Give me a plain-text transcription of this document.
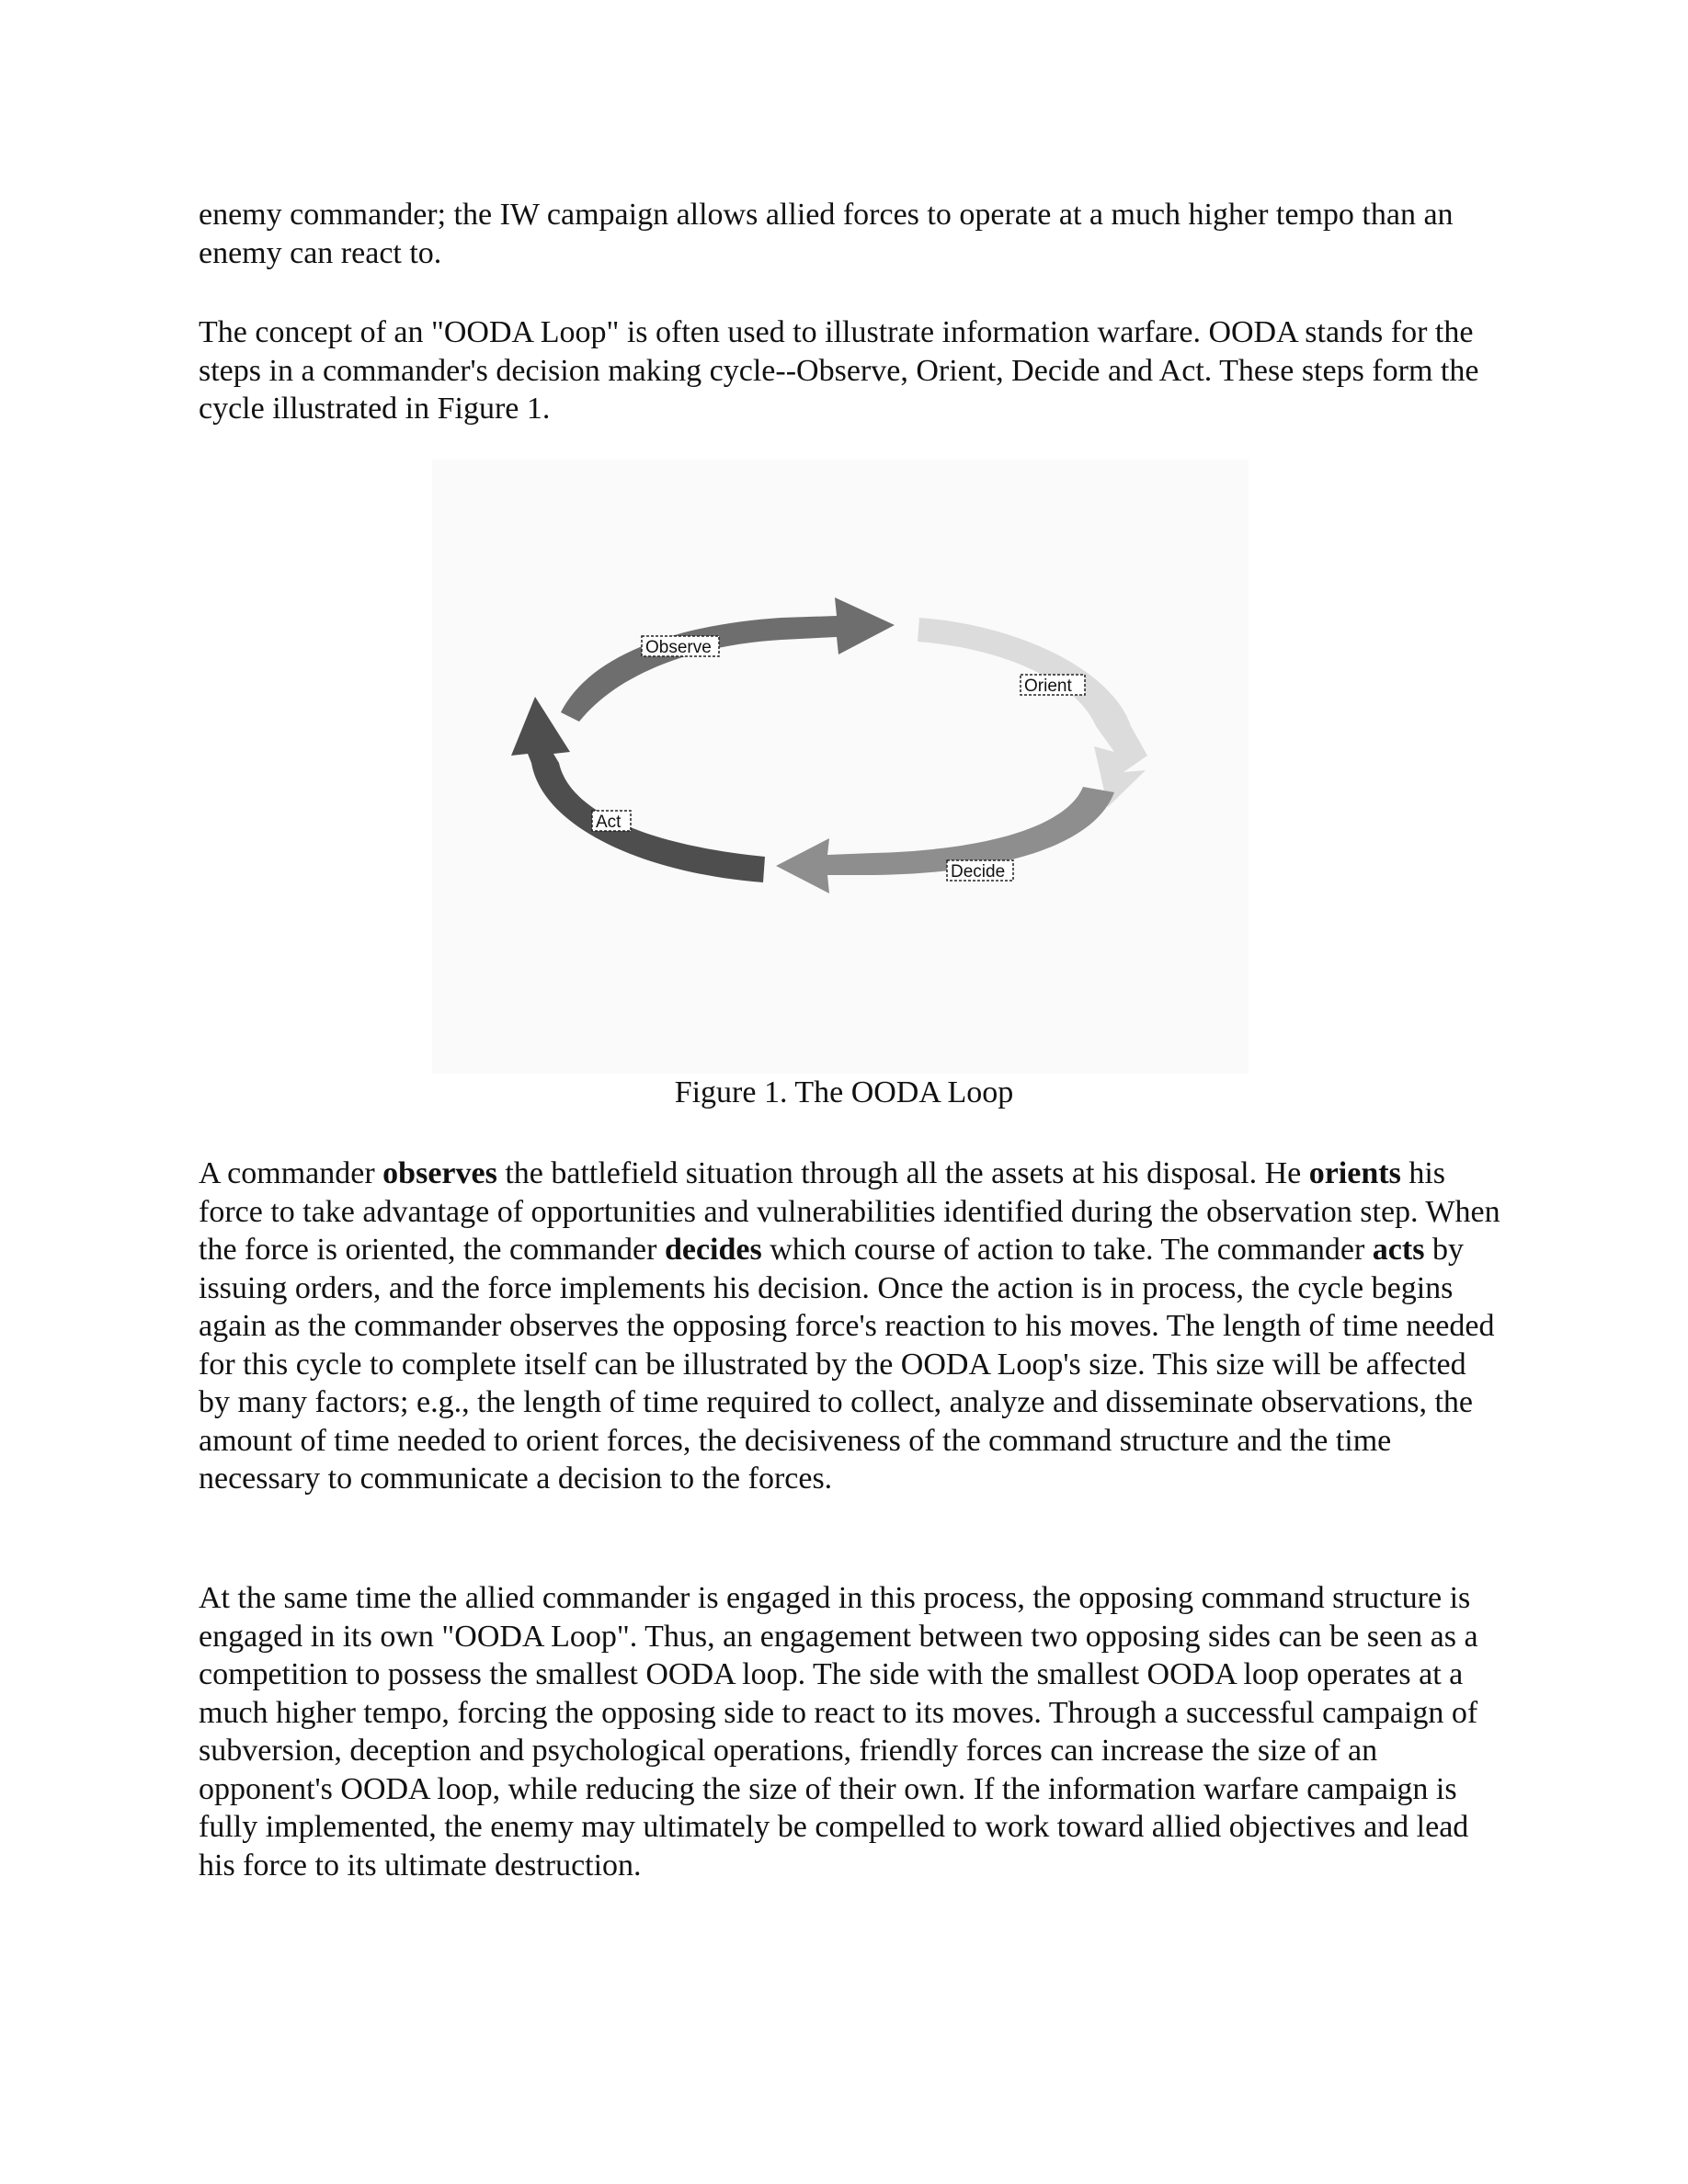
enemy commander; the IW campaign allows allied forces to operate at a much higher tempo than an enemy can react to.

The concept of an "OODA Loop" is often used to illustrate information warfare. OODA stands for the steps in a commander's decision making cycle--Observe, Orient, Decide and Act. These steps form the cycle illustrated in Figure 1.

Observe
Orient
Decide
Act

Figure 1. The OODA Loop

A commander observes the battlefield situation through all the assets at his disposal. He orients his force to take advantage of opportunities and vulnerabilities identified during the observation step. When the force is oriented, the commander decides which course of action to take. The commander acts by issuing orders, and the force implements his decision. Once the action is in process, the cycle begins again as the commander observes the opposing force's reaction to his moves. The length of time needed for this cycle to complete itself can be illustrated by the OODA Loop's size. This size will be affected by many factors; e.g., the length of time required to collect, analyze and disseminate observations, the amount of time needed to orient forces, the decisiveness of the command structure and the time necessary to communicate a decision to the forces.

At the same time the allied commander is engaged in this process, the opposing command structure is engaged in its own "OODA Loop". Thus, an engagement between two opposing sides can be seen as a competition to possess the smallest OODA loop. The side with the smallest OODA loop operates at a much higher tempo, forcing the opposing side to react to its moves. Through a successful campaign of subversion, deception and psychological operations, friendly forces can increase the size of an opponent's OODA loop, while reducing the size of their own. If the information warfare campaign is fully implemented, the enemy may ultimately be compelled to work toward allied objectives and lead his force to its ultimate destruction.
